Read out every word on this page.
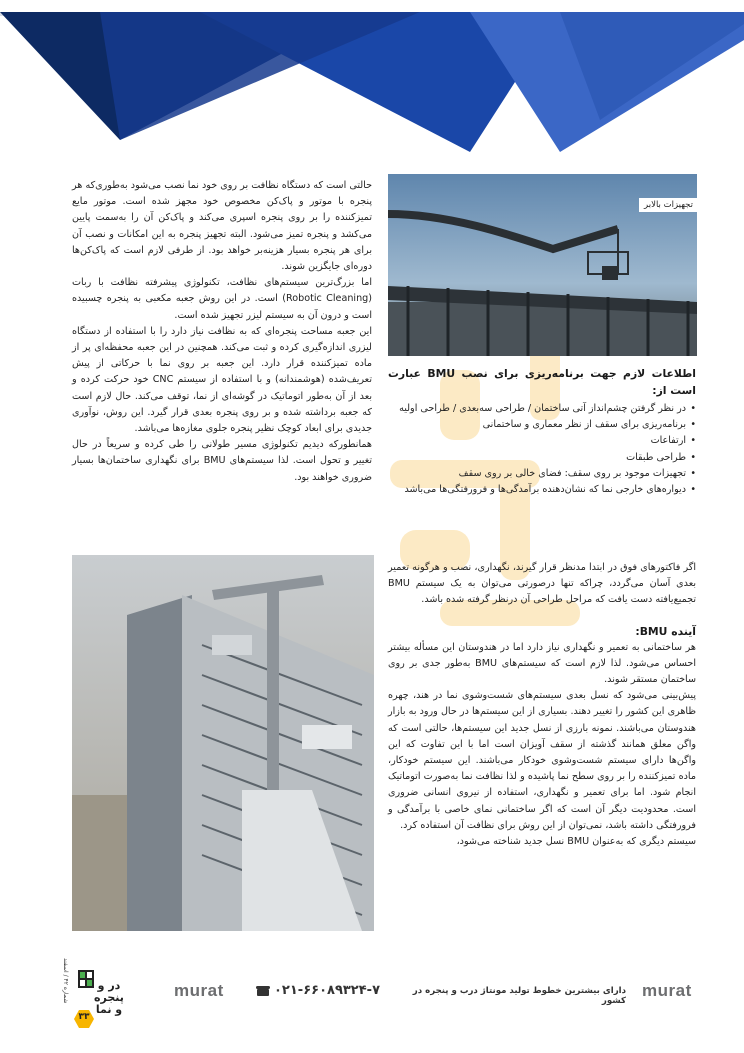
حالتی است که دستگاه نظافت بر روی خود نما نصب می‌شود به‌طوری‌که هر پنجره با موتور و پاک‌کن مخصوص خود مجهز شده است. موتور مایع تمیزکننده را بر روی پنجره اسپری می‌کند و پاک‌کن آن را به‌سمت پایین می‌کشد و پنجره تمیز می‌شود. البته تجهیز پنجره به این امکانات و نصب آن برای هر پنجره بسیار هزینه‌بر خواهد بود. از طرفی لازم است که پاک‌کن‌ها دوره‌ای جایگزین شوند.

اما بزرگ‌ترین سیستم‌های نظافت، تکنولوژی پیشرفته نظافت با ربات (Robotic Cleaning) است. در این روش جعبه مکعبی به پنجره چسبیده است و درون آن به سیستم لیزر تجهیز شده است.

این جعبه مساحت پنجره‌ای که به نظافت نیاز دارد را با استفاده از دستگاه لیزری اندازه‌گیری کرده و ثبت می‌کند. همچنین در این جعبه محفظه‌ای پر از ماده تمیزکننده قرار دارد. این جعبه بر روی نما با حرکاتی از پیش تعریف‌شده (هوشمندانه) و با استفاده از سیستم CNC خود حرکت کرده و بعد از آن به‌طور اتوماتیک در گوشه‌ای از نما، توقف می‌کند. حال لازم است که جعبه برداشته شده و بر روی پنجره بعدی قرار گیرد. این روش، نوآوری جدیدی برای ابعاد کوچک نظیر پنجره جلوی مغازه‌ها می‌باشد.

همانطورکه دیدیم تکنولوژی مسیر طولانی را طی کرده و سریعاً در حال تغییر و تحول است. لذا سیستم‌های BMU برای نگهداری ساختمان‌ها بسیار ضروری خواهند بود.

تجهیزات بالابر

اطلاعات لازم جهت برنامه‌ریزی برای نصب BMU عبارت است از:

• در نظر گرفتن چشم‌انداز آتی ساختمان / طراحی سه‌بعدی / طراحی اولیه
• برنامه‌ریزی برای سقف از نظر معماری و ساختمانی
• ارتفاعات
• طراحی طبقات
• تجهیزات موجود بر روی سقف: فضای خالی بر روی سقف
• دیواره‌های خارجی نما که نشان‌دهنده برآمدگی‌ها و فرورفتگی‌ها می‌باشد

اگر فاکتورهای فوق در ابتدا مدنظر قرار گیرند، نگهداری، نصب و هرگونه تعمیر بعدی آسان می‌گردد، چراکه تنها درصورتی می‌توان به یک سیستم BMU تجمیع‌یافته دست یافت که مراحل طراحی آن درنظر گرفته شده باشد.

آینده BMU:

هر ساختمانی به تعمیر و نگهداری نیاز دارد اما در هندوستان این مسأله بیشتر احساس می‌شود. لذا لازم است که سیستم‌های BMU به‌طور جدی بر روی ساختمان مستقر شوند.

پیش‌بینی می‌شود که نسل بعدی سیستم‌های شست‌وشوی نما در هند، چهره ظاهری این کشور را تغییر دهند. بسیاری از این سیستم‌ها در حال ورود به بازار هندوستان می‌باشند. نمونه بارزی از نسل جدید این سیستم‌ها، حالتی است که واگن معلق همانند گذشته از سقف آویزان است اما با این تفاوت که این واگن‌ها دارای سیستم شست‌وشوی خودکار می‌باشند. این سیستم خودکار، ماده تمیزکننده را بر روی سطح نما پاشیده و لذا نظافت نما به‌صورت اتوماتیک انجام شود. اما برای تعمیر و نگهداری، استفاده از نیروی انسانی ضروری است. محدودیت دیگر آن است که اگر ساختمانی نمای خاصی با برآمدگی و فرورفتگی داشته باشد، نمی‌توان از این روش برای نظافت آن استفاده کرد.

سیستم دیگری که به‌عنوان BMU نسل جدید شناخته می‌شود،

murat
دارای بیشترین خطوط تولید مونتاژ درب و پنجره در کشور
۰۲۱-۶۶۰۸۹۳۲۴-۷
murat
در و پنجره و نما
۳۳
شماره ۴۲ / اسفند
